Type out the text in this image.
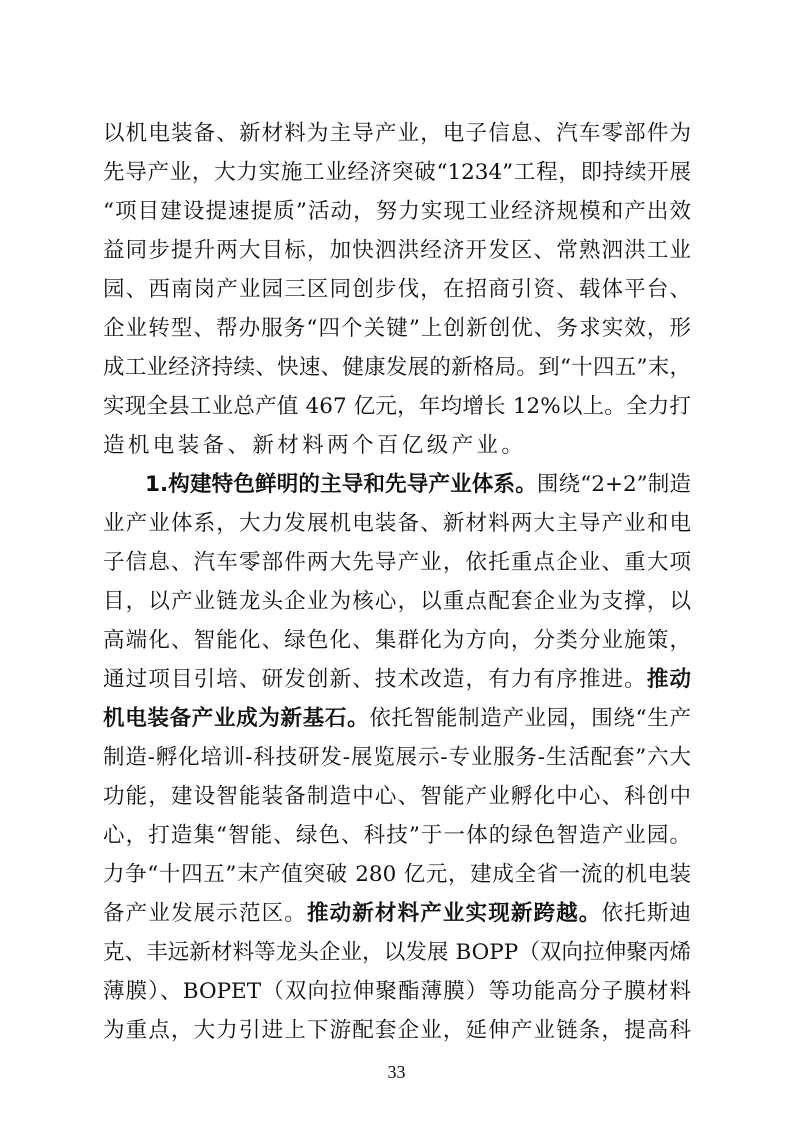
以机电装备、新材料为主导产业，电子信息、汽车零部件为
先导产业，大力实施工业经济突破“1234”工程，即持续开展
“项目建设提速提质”活动，努力实现工业经济规模和产出效
益同步提升两大目标，加快泗洪经济开发区、常熟泗洪工业
园、西南岗产业园三区同创步伐，在招商引资、载体平台、
企业转型、帮办服务“四个关键”上创新创优、务求实效，形
成工业经济持续、快速、健康发展的新格局。到“十四五”末，
实现全县工业总产值 467 亿元，年均增长 12%以上。全力打
造机电装备、新材料两个百亿级产业。
1.构建特色鲜明的主导和先导产业体系。围绕“2+2”制造
业产业体系，大力发展机电装备、新材料两大主导产业和电
子信息、汽车零部件两大先导产业，依托重点企业、重大项
目，以产业链龙头企业为核心，以重点配套企业为支撑，以
高端化、智能化、绿色化、集群化为方向，分类分业施策，
通过项目引培、研发创新、技术改造，有力有序推进。推动
机电装备产业成为新基石。依托智能制造产业园，围绕“生产
制造-孵化培训-科技研发-展览展示-专业服务-生活配套”六大
功能，建设智能装备制造中心、智能产业孵化中心、科创中
心，打造集“智能、绿色、科技”于一体的绿色智造产业园。
力争“十四五”末产值突破 280 亿元，建成全省一流的机电装
备产业发展示范区。推动新材料产业实现新跨越。依托斯迪
克、丰远新材料等龙头企业，以发展 BOPP（双向拉伸聚丙烯
薄膜）、BOPET（双向拉伸聚酯薄膜）等功能高分子膜材料
为重点，大力引进上下游配套企业，延伸产业链条，提高科
33
